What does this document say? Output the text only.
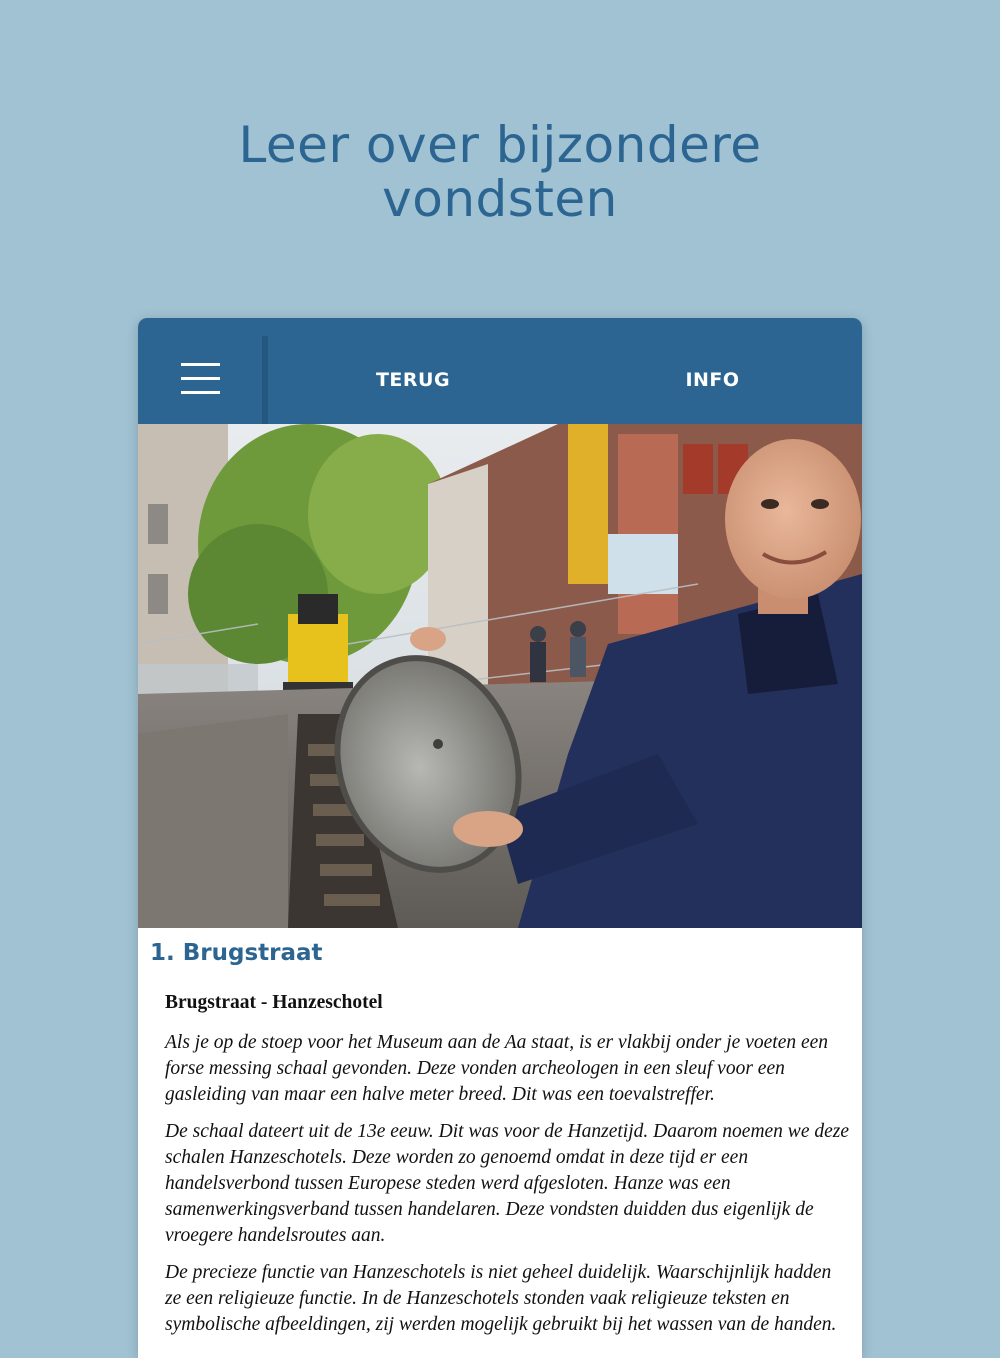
Leer over bijzondere
vondsten
TERUG	INFO
1. Brugstraat
Brugstraat - Hanzeschotel

Als je op de stoep voor het Museum aan de Aa staat, is er vlakbij onder je voeten een forse messing schaal gevonden. Deze vonden archeologen in een sleuf voor een gasleiding van maar een halve meter breed. Dit was een toevalstreffer.

De schaal dateert uit de 13e eeuw. Dit was voor de Hanzetijd. Daarom noemen we deze schalen Hanzeschotels. Deze worden zo genoemd omdat in deze tijd er een handelsverbond tussen Europese steden werd afgesloten. Hanze was een samenwerkingsverband tussen handelaren. Deze vondsten duidden dus eigenlijk de vroegere handelsroutes aan.

De precieze functie van Hanzeschotels is niet geheel duidelijk. Waarschijnlijk hadden ze een religieuze functie. In de Hanzeschotels stonden vaak religieuze teksten en symbolische afbeeldingen, zij werden mogelijk gebruikt bij het wassen van de handen.
